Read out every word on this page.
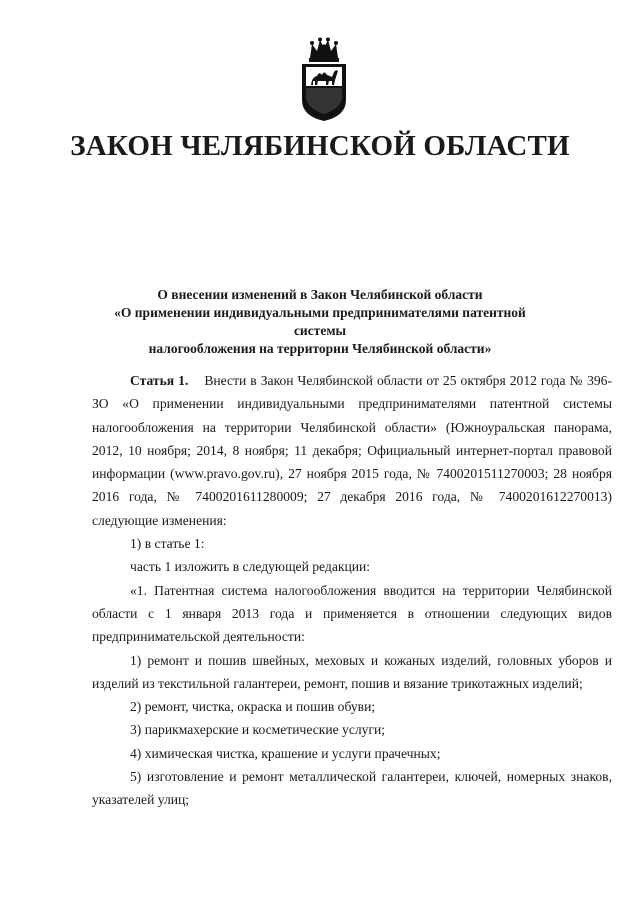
ЗАКОН ЧЕЛЯБИНСКОЙ ОБЛАСТИ
О внесении изменений в Закон Челябинской области
«О применении индивидуальными предпринимателями патентной системы
налогообложения на территории Челябинской области»

Статья 1. Внести в Закон Челябинской области от 25 октября 2012 года № 396-ЗО «О применении индивидуальными предпринимателями патентной системы налогообложения на территории Челябинской области» (Южноуральская панорама, 2012, 10 ноября; 2014, 8 ноября; 11 декабря; Официальный интернет-портал правовой информации (www.pravo.gov.ru), 27 ноября 2015 года, № 7400201511270003; 28 ноября 2016 года, № 7400201611280009; 27 декабря 2016 года, № 7400201612270013) следующие изменения:

1) в статье 1:

часть 1 изложить в следующей редакции:

«1. Патентная система налогообложения вводится на территории Челябинской области с 1 января 2013 года и применяется в отношении следующих видов предпринимательской деятельности:

1) ремонт и пошив швейных, меховых и кожаных изделий, головных уборов и изделий из текстильной галантереи, ремонт, пошив и вязание трикотажных изделий;

2) ремонт, чистка, окраска и пошив обуви;

3) парикмахерские и косметические услуги;

4) химическая чистка, крашение и услуги прачечных;

5) изготовление и ремонт металлической галантереи, ключей, номерных знаков, указателей улиц;
